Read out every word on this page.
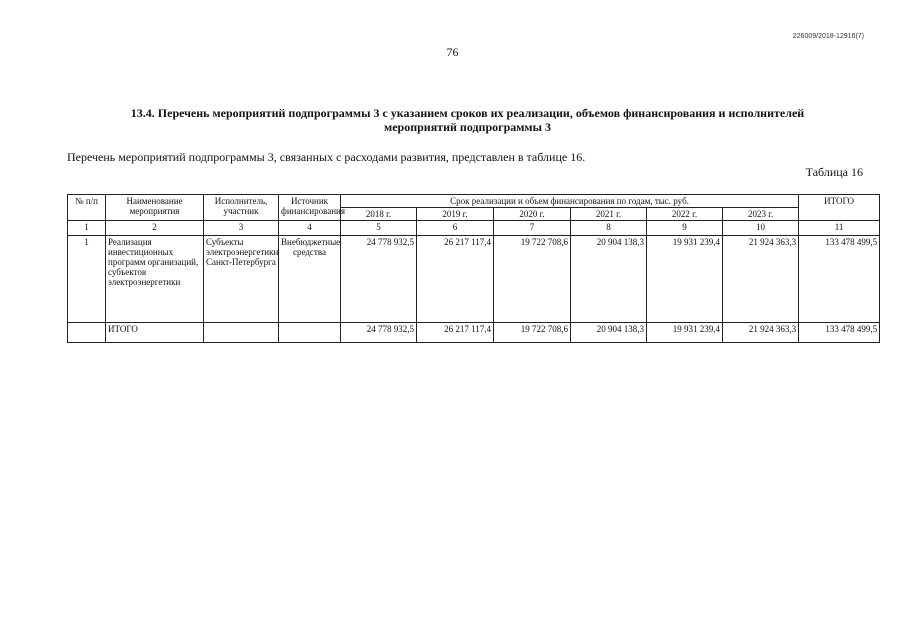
226009/2018-12916(7)
76
13.4. Перечень мероприятий подпрограммы 3 с указанием сроков их реализации, объемов финансирования и исполнителей мероприятий подпрограммы 3
Перечень мероприятий подпрограммы 3, связанных с расходами развития, представлен в таблице 16.
Таблица 16
№ п/п	Наименование мероприятия	Исполнитель, участник	Источник финансирования	Срок реализации и объем финансирования по годам, тыс. руб.						ИТОГО
				2018 г.	2019 г.	2020 г.	2021 г.	2022 г.	2023 г.	
1	2	3	4	5	6	7	8	9	10	11
1	Реализация инвестиционных программ организаций, субъектов электроэнергетики	Субъекты электроэнергетики Санкт-Петербурга	Внебюджетные средства	24 778 932,5	26 217 117,4	19 722 708,6	20 904 138,3	19 931 239,4	21 924 363,3	133 478 499,5
	ИТОГО			24 778 932,5	26 217 117,4	19 722 708,6	20 904 138,3	19 931 239,4	21 924 363,3	133 478 499,5
